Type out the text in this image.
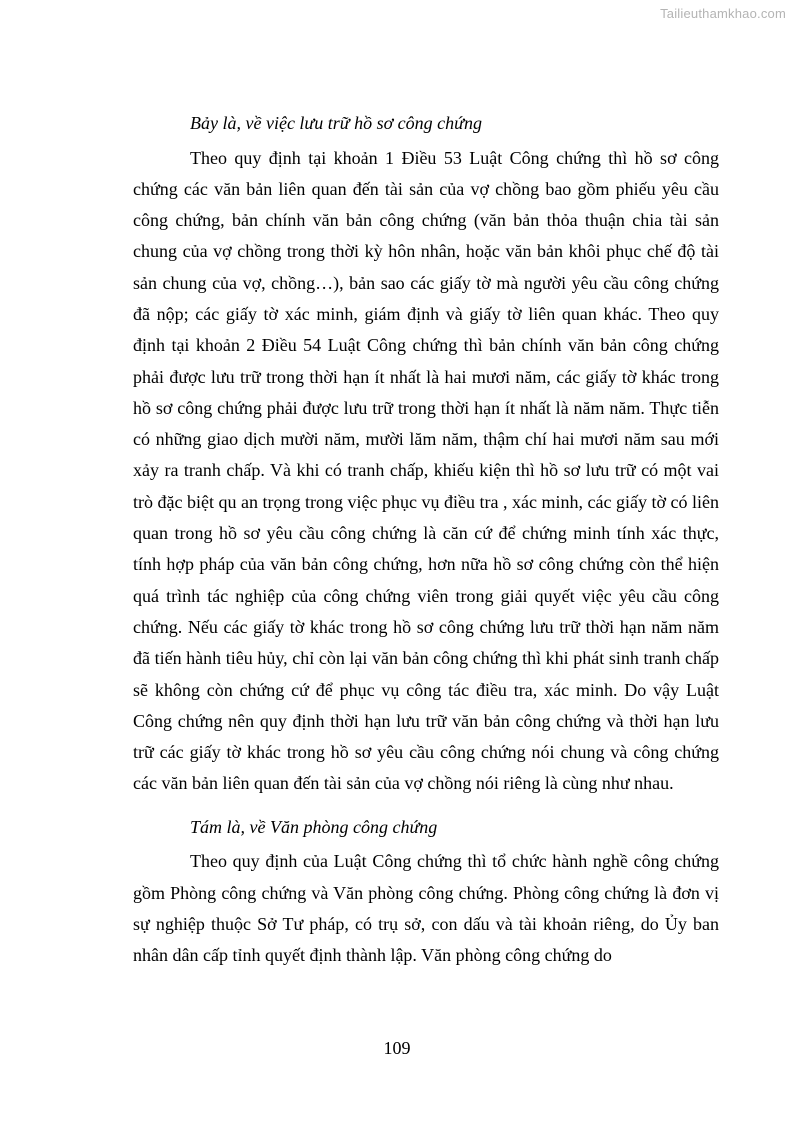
Tailieuthamkhao.com

Bảy là, về việc lưu trữ hồ sơ công chứng

Theo quy định tại khoản 1 Điều 53 Luật Công chứng thì hồ sơ công chứng các văn bản liên quan đến tài sản của vợ chồng bao gồm phiếu yêu cầu công chứng, bản chính văn bản công chứng (văn bản thỏa thuận chia tài sản chung của vợ chồng trong thời kỳ hôn nhân, hoặc văn bản khôi phục chế độ tài sản chung của vợ, chồng…), bản sao các giấy tờ mà người yêu cầu công chứng đã nộp; các giấy tờ xác minh, giám định và giấy tờ liên quan khác. Theo quy định tại khoản 2 Điều 54 Luật Công chứng thì bản chính văn bản công chứng phải được lưu trữ trong thời hạn ít nhất là hai mươi năm, các giấy tờ khác trong hồ sơ công chứng phải được lưu trữ trong thời hạn ít nhất là năm năm. Thực tiễn có những giao dịch mười năm, mười lăm năm, thậm chí hai mươi năm sau mới xảy ra tranh chấp. Và khi có tranh chấp, khiếu kiện thì hồ sơ lưu trữ có một vai trò đặc biệt qu an trọng trong việc phục vụ điều tra , xác minh, các giấy tờ có liên quan trong hồ sơ yêu cầu công chứng là căn cứ để chứng minh tính xác thực, tính hợp pháp của văn bản công chứng, hơn nữa hồ sơ công chứng còn thể hiện quá trình tác nghiệp của công chứng viên trong giải quyết việc yêu cầu công chứng. Nếu các giấy tờ khác trong hồ sơ công chứng lưu trữ thời hạn năm năm đã tiến hành tiêu hủy, chỉ còn lại văn bản công chứng thì khi phát sinh tranh chấp sẽ không còn chứng cứ để phục vụ công tác điều tra, xác minh. Do vậy Luật Công chứng nên quy định thời hạn lưu trữ văn bản công chứng và thời hạn lưu trữ các giấy tờ khác trong hồ sơ yêu cầu công chứng nói chung và công chứng các văn bản liên quan đến tài sản của vợ chồng nói riêng là cùng như nhau.

Tám là, về Văn phòng công chứng

Theo quy định của Luật Công chứng thì tổ chức hành nghề công chứng gồm Phòng công chứng và Văn phòng công chứng. Phòng công chứng là đơn vị sự nghiệp thuộc Sở Tư pháp, có trụ sở, con dấu và tài khoản riêng, do Ủy ban nhân dân cấp tỉnh quyết định thành lập. Văn phòng công chứng do

109
